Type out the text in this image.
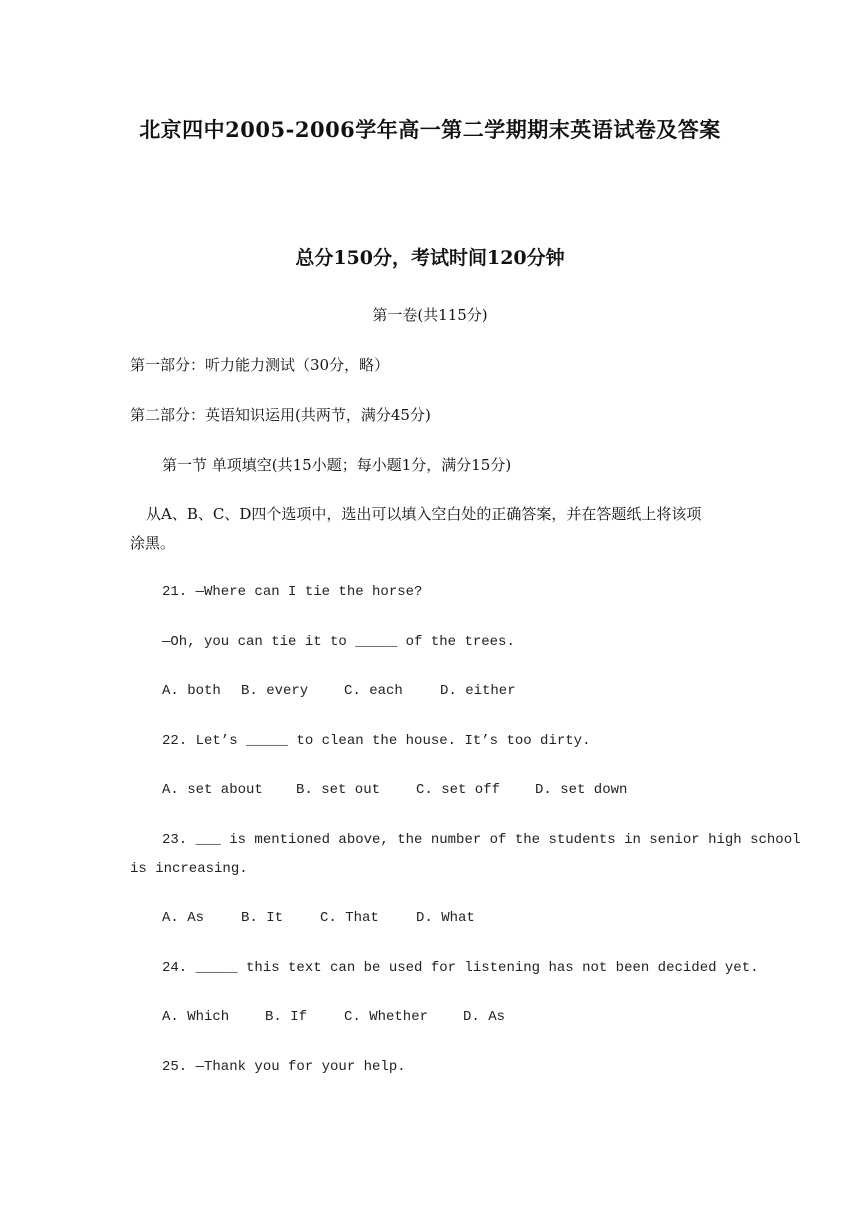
北京四中2005-2006学年高一第二学期期末英语试卷及答案
总分150分，考试时间120分钟
第一卷(共115分)
第一部分：听力能力测试（30分，略）
第二部分：英语知识运用(共两节，满分45分)
第一节 单项填空(共15小题；每小题1分，满分15分)
从A、B、C、D四个选项中，选出可以填入空白处的正确答案，并在答题纸上将该项
涂黑。
21. —Where can I tie the horse?
—Oh, you can tie it to _____ of the trees.
A. both B. every	C. each	D. either
22. Let’s _____ to clean the house. It’s too dirty.
A. set about B. set out	C. set off D. set down
23. ___ is mentioned above, the number of the students in senior high school
is increasing.
A. As	B. It	C. That	D. What
24. _____ this text can be used for listening has not been decided yet.
A. Which	B. If	C. Whether D. As
25. —Thank you for your help.
